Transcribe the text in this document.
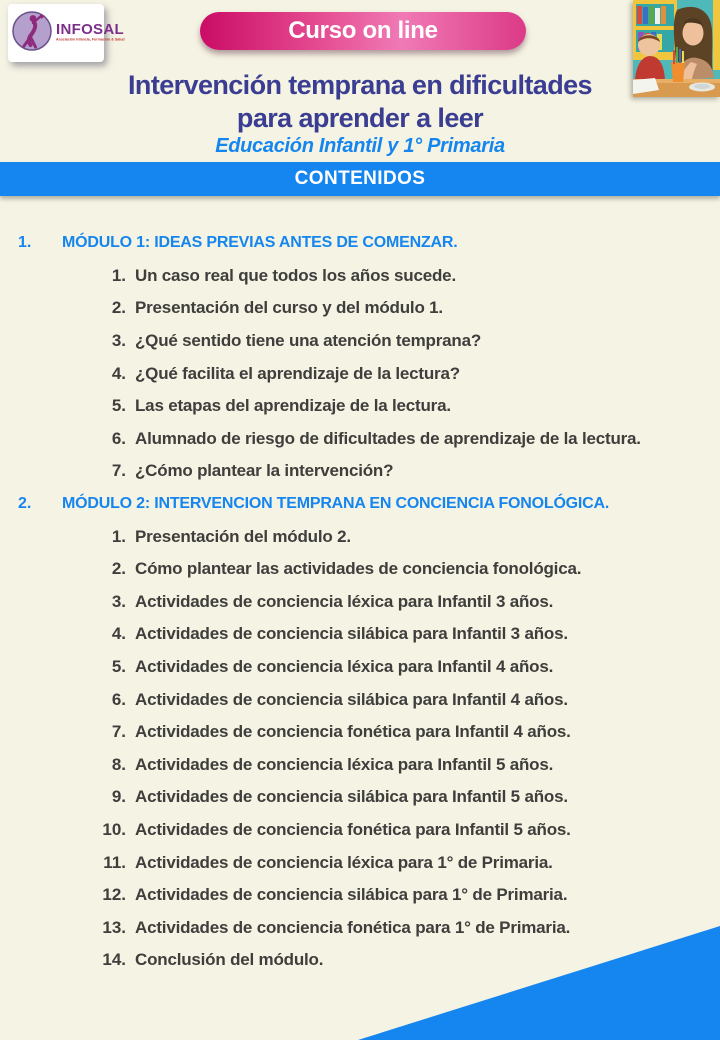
INFOSAL
Asociación Infancia, Formación & Salud	Curso on line
Intervención temprana en dificultades
para aprender a leer
Educación Infantil y 1° Primaria
CONTENIDOS
1.	MÓDULO 1: IDEAS PREVIAS ANTES DE COMENZAR.
1. Un caso real que todos los años sucede.
2. Presentación del curso y del módulo 1.
3. ¿Qué sentido tiene una atención temprana?
4. ¿Qué facilita el aprendizaje de la lectura?
5. Las etapas del aprendizaje de la lectura.
6. Alumnado de riesgo de dificultades de aprendizaje de la lectura.
7. ¿Cómo plantear la intervención?
2.	MÓDULO 2: INTERVENCION TEMPRANA EN CONCIENCIA FONOLÓGICA.
1. Presentación del módulo 2.
2. Cómo plantear las actividades de conciencia fonológica.
3. Actividades de conciencia léxica para Infantil 3 años.
4. Actividades de conciencia silábica para Infantil 3 años.
5. Actividades de conciencia léxica para Infantil 4 años.
6. Actividades de conciencia silábica para Infantil 4 años.
7. Actividades de conciencia fonética para Infantil 4 años.
8. Actividades de conciencia léxica para Infantil 5 años.
9. Actividades de conciencia silábica para Infantil 5 años.
10. Actividades de conciencia fonética para Infantil 5 años.
11. Actividades de conciencia léxica para 1° de Primaria.
12. Actividades de conciencia silábica para 1° de Primaria.
13. Actividades de conciencia fonética para 1° de Primaria.
14. Conclusión del módulo.
